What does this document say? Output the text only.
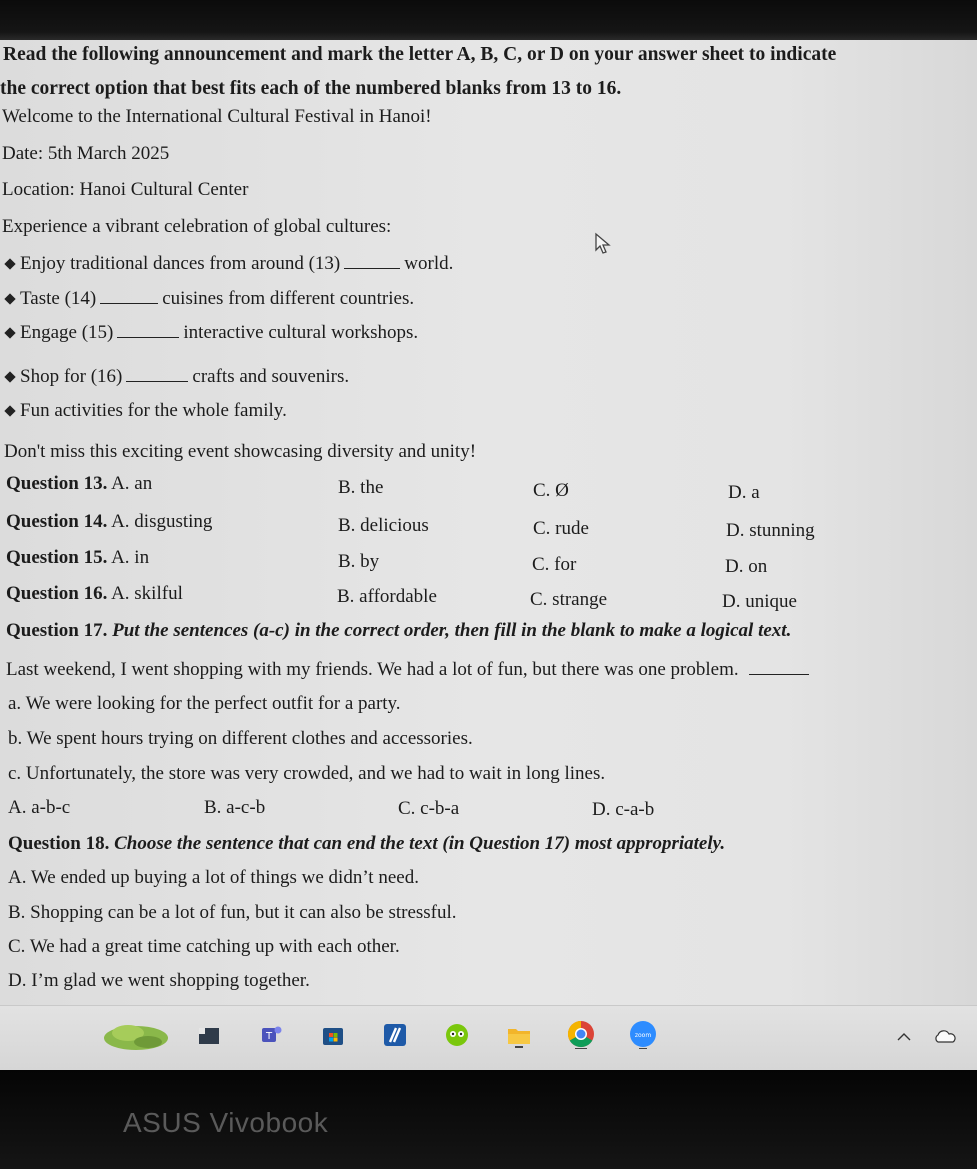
Read the following announcement and mark the letter A, B, C, or D on your answer sheet to indicate
the correct option that best fits each of the numbered blanks from 13 to 16.
Welcome to the International Cultural Festival in Hanoi!
Date: 5th March 2025
Location: Hanoi Cultural Center
Experience a vibrant celebration of global cultures:
Enjoy traditional dances from around (13)	world.
Taste (14)	cuisines from different countries.
Engage (15)	interactive cultural workshops.
Shop for (16)	crafts and souvenirs.
Fun activities for the whole family.
Don't miss this exciting event showcasing diversity and unity!
Question 13. A. an	B. the	C. Ø	D. a
Question 14. A. disgusting	B. delicious	C. rude	D. stunning
Question 15. A. in	B. by	C. for	D. on
Question 16. A. skilful	B. affordable	C. strange	D. unique
Question 17. Put the sentences (a-c) in the correct order, then fill in the blank to make a logical text.
Last weekend, I went shopping with my friends. We had a lot of fun, but there was one problem.
a. We were looking for the perfect outfit for a party.
b. We spent hours trying on different clothes and accessories.
c. Unfortunately, the store was very crowded, and we had to wait in long lines.
A. a-b-c	B. a-c-b	C. c-b-a	D. c-a-b
Question 18. Choose the sentence that can end the text (in Question 17) most appropriately.
A. We ended up buying a lot of things we didn’t need.
B. Shopping can be a lot of fun, but it can also be stressful.
C. We had a great time catching up with each other.
D. I’m glad we went shopping together.
T	zoom
ASUS Vivobook
